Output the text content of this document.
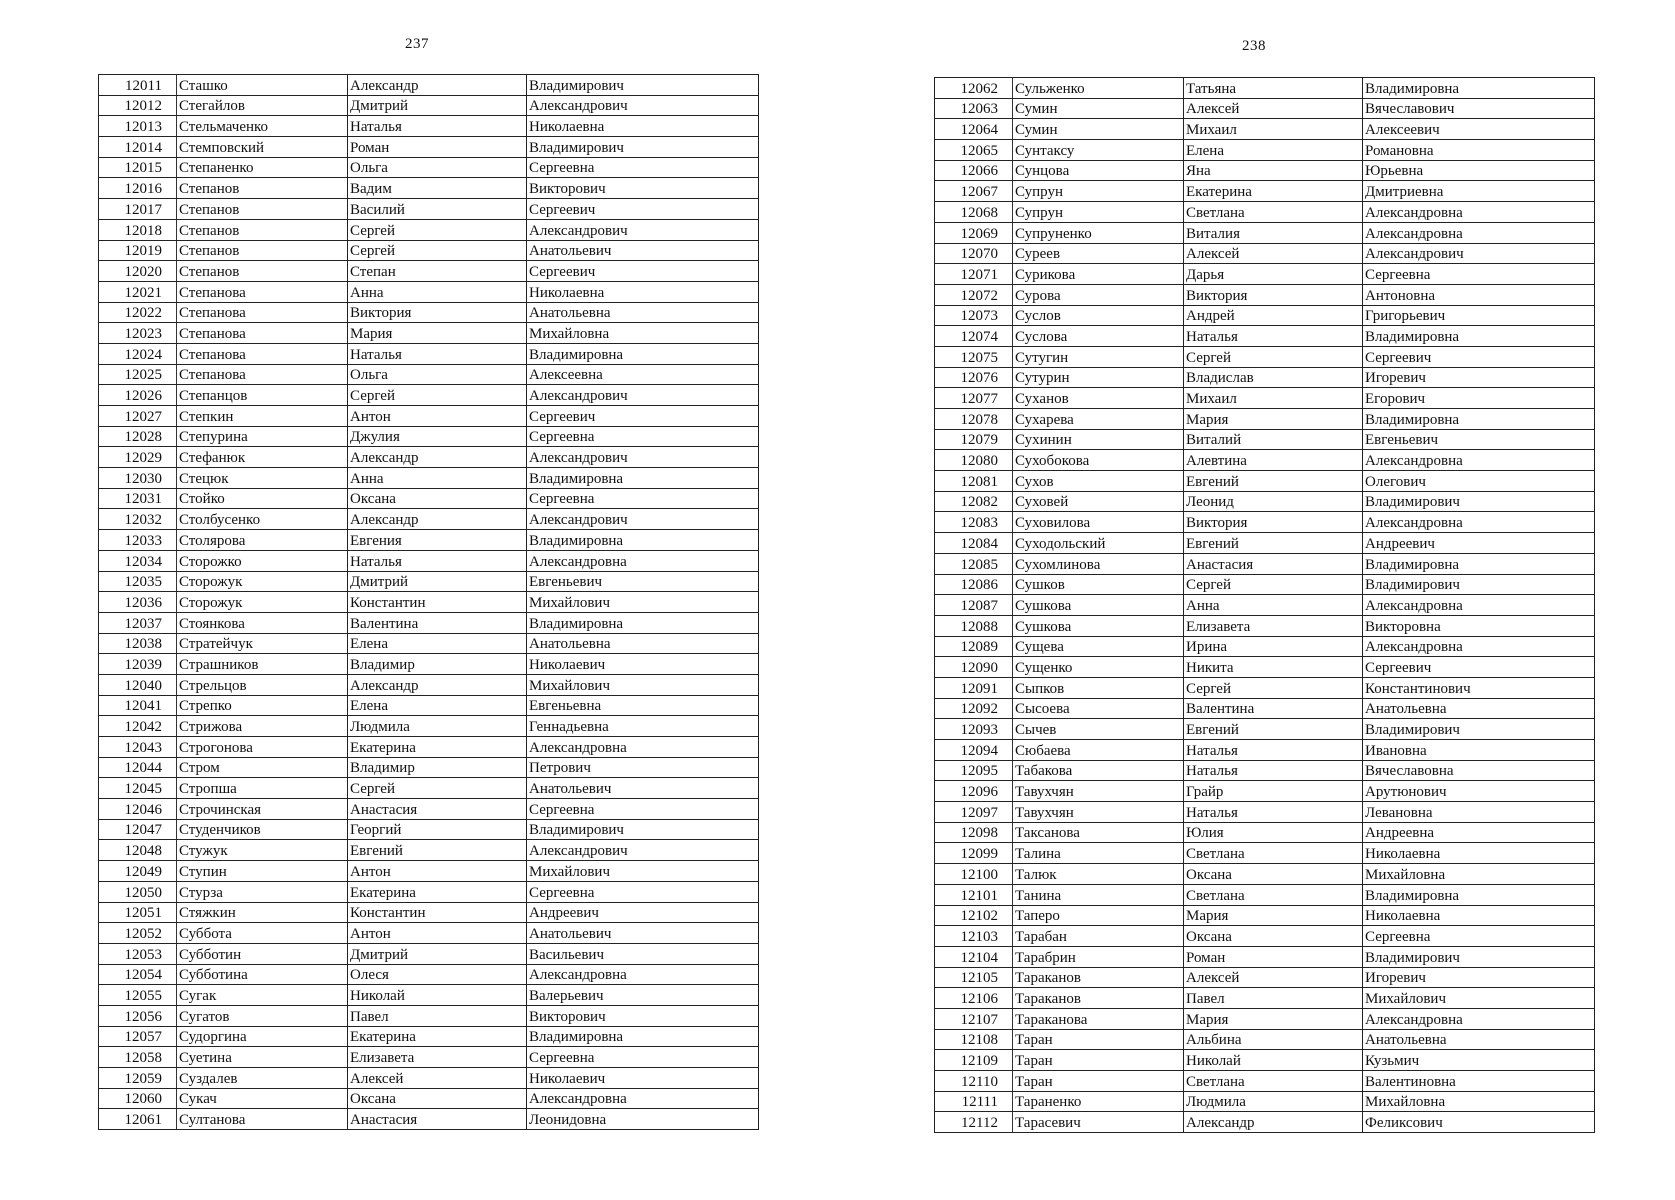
237
12011	Сташко	Александр	Владимирович
12012	Стегайлов	Дмитрий	Александрович
12013	Стельмаченко	Наталья	Николаевна
12014	Стемповский	Роман	Владимирович
12015	Степаненко	Ольга	Сергеевна
12016	Степанов	Вадим	Викторович
12017	Степанов	Василий	Сергеевич
12018	Степанов	Сергей	Александрович
12019	Степанов	Сергей	Анатольевич
12020	Степанов	Степан	Сергеевич
12021	Степанова	Анна	Николаевна
12022	Степанова	Виктория	Анатольевна
12023	Степанова	Мария	Михайловна
12024	Степанова	Наталья	Владимировна
12025	Степанова	Ольга	Алексеевна
12026	Степанцов	Сергей	Александрович
12027	Степкин	Антон	Сергеевич
12028	Степурина	Джулия	Сергеевна
12029	Стефанюк	Александр	Александрович
12030	Стецюк	Анна	Владимировна
12031	Стойко	Оксана	Сергеевна
12032	Столбусенко	Александр	Александрович
12033	Столярова	Евгения	Владимировна
12034	Сторожко	Наталья	Александровна
12035	Сторожук	Дмитрий	Евгеньевич
12036	Сторожук	Константин	Михайлович
12037	Стоянкова	Валентина	Владимировна
12038	Стратейчук	Елена	Анатольевна
12039	Страшников	Владимир	Николаевич
12040	Стрельцов	Александр	Михайлович
12041	Стрепко	Елена	Евгеньевна
12042	Стрижова	Людмила	Геннадьевна
12043	Строгонова	Екатерина	Александровна
12044	Стром	Владимир	Петрович
12045	Стропша	Сергей	Анатольевич
12046	Строчинская	Анастасия	Сергеевна
12047	Студенчиков	Георгий	Владимирович
12048	Стужук	Евгений	Александрович
12049	Ступин	Антон	Михайлович
12050	Стурза	Екатерина	Сергеевна
12051	Стяжкин	Константин	Андреевич
12052	Суббота	Антон	Анатольевич
12053	Субботин	Дмитрий	Васильевич
12054	Субботина	Олеся	Александровна
12055	Сугак	Николай	Валерьевич
12056	Сугатов	Павел	Викторович
12057	Судоргина	Екатерина	Владимировна
12058	Суетина	Елизавета	Сергеевна
12059	Суздалев	Алексей	Николаевич
12060	Сукач	Оксана	Александровна
12061	Султанова	Анастасия	Леонидовна
238
12062	Сульженко	Татьяна	Владимировна
12063	Сумин	Алексей	Вячеславович
12064	Сумин	Михаил	Алексеевич
12065	Сунтаксу	Елена	Романовна
12066	Сунцова	Яна	Юрьевна
12067	Супрун	Екатерина	Дмитриевна
12068	Супрун	Светлана	Александровна
12069	Супруненко	Виталия	Александровна
12070	Суреев	Алексей	Александрович
12071	Сурикова	Дарья	Сергеевна
12072	Сурова	Виктория	Антоновна
12073	Суслов	Андрей	Григорьевич
12074	Суслова	Наталья	Владимировна
12075	Сутугин	Сергей	Сергеевич
12076	Сутурин	Владислав	Игоревич
12077	Суханов	Михаил	Егорович
12078	Сухарева	Мария	Владимировна
12079	Сухинин	Виталий	Евгеньевич
12080	Сухобокова	Алевтина	Александровна
12081	Сухов	Евгений	Олегович
12082	Суховей	Леонид	Владимирович
12083	Суховилова	Виктория	Александровна
12084	Суходольский	Евгений	Андреевич
12085	Сухомлинова	Анастасия	Владимировна
12086	Сушков	Сергей	Владимирович
12087	Сушкова	Анна	Александровна
12088	Сушкова	Елизавета	Викторовна
12089	Сущева	Ирина	Александровна
12090	Сущенко	Никита	Сергеевич
12091	Сыпков	Сергей	Константинович
12092	Сысоева	Валентина	Анатольевна
12093	Сычев	Евгений	Владимирович
12094	Сюбаева	Наталья	Ивановна
12095	Табакова	Наталья	Вячеславовна
12096	Тавухчян	Грайр	Арутюнович
12097	Тавухчян	Наталья	Левановна
12098	Таксанова	Юлия	Андреевна
12099	Талина	Светлана	Николаевна
12100	Талюк	Оксана	Михайловна
12101	Танина	Светлана	Владимировна
12102	Таперо	Мария	Николаевна
12103	Тарабан	Оксана	Сергеевна
12104	Тарабрин	Роман	Владимирович
12105	Тараканов	Алексей	Игоревич
12106	Тараканов	Павел	Михайлович
12107	Тараканова	Мария	Александровна
12108	Таран	Альбина	Анатольевна
12109	Таран	Николай	Кузьмич
12110	Таран	Светлана	Валентиновна
12111	Тараненко	Людмила	Михайловна
12112	Тарасевич	Александр	Феликсович
